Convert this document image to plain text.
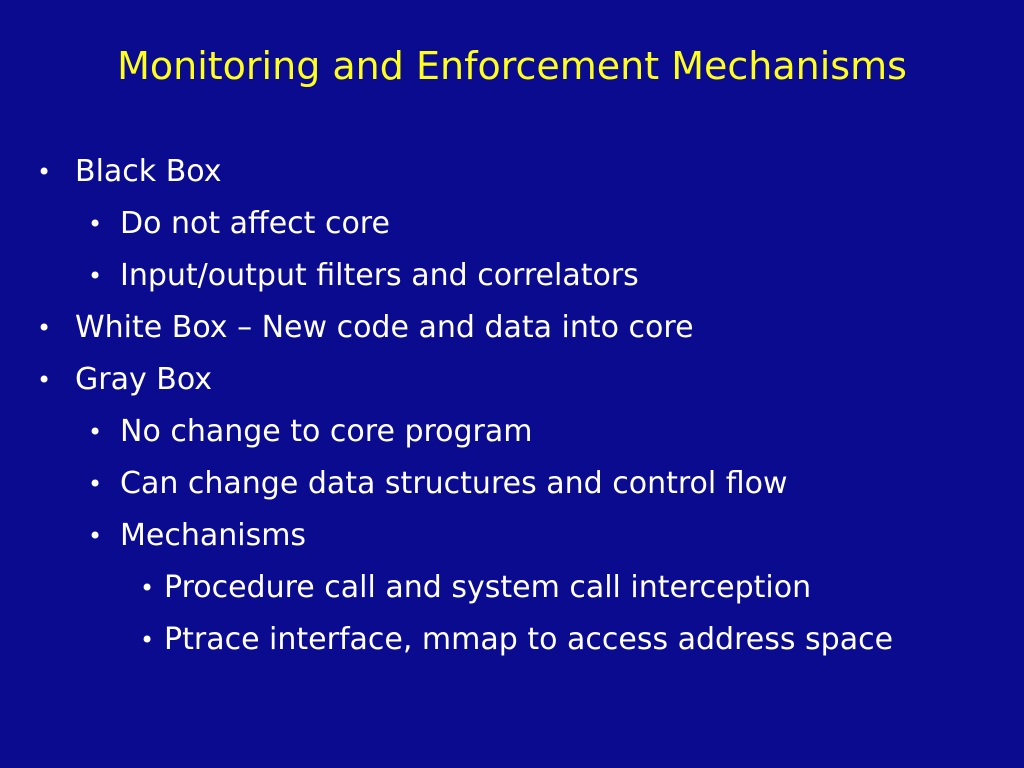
Monitoring and Enforcement Mechanisms
• Black Box
• Do not affect core
• Input/output filters and correlators
• White Box – New code and data into core
• Gray Box
• No change to core program
• Can change data structures and control flow
• Mechanisms
• Procedure call and system call interception
• Ptrace interface, mmap to access address space
